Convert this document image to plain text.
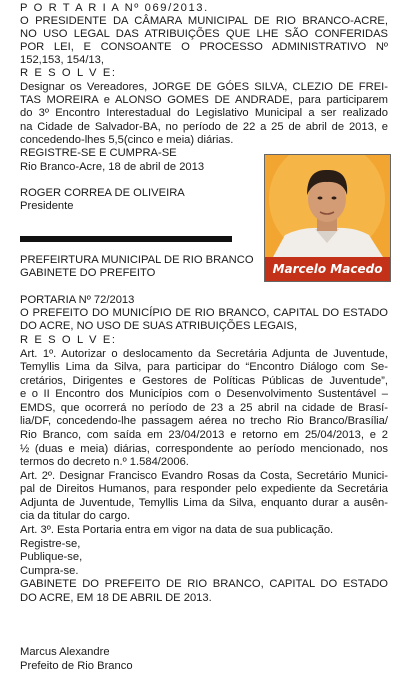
P O R T A R I A Nº 069/2013.
O PRESIDENTE DA CÂMARA MUNICIPAL DE RIO BRANCO-ACRE,
NO USO LEGAL DAS ATRIBUIÇÕES QUE LHE SÃO CONFERIDAS
POR LEI, E CONSOANTE O PROCESSO ADMINISTRATIVO Nº
152,153, 154/13,
R E S O L V E:
Designar os Vereadores, JORGE DE GÓES SILVA, CLEZIO DE FREI-
TAS MOREIRA e ALONSO GOMES DE ANDRADE, para participarem
do 3º Encontro Interestadual do Legislativo Municipal a ser realizado
na Cidade de Salvador-BA, no período de 22 a 25 de abril de 2013, e
concedendo-lhes 5,5(cinco e meia) diárias.
REGISTRE-SE E CUMPRA-SE
Rio Branco-Acre, 18 de abril de 2013
ROGER CORREA DE OLIVEIRA
Presidente
Marcelo Macedo
PREFEIRTURA MUNICIPAL DE RIO BRANCO
GABINETE DO PREFEITO
PORTARIA Nº 72/2013
O PREFEITO DO MUNICÍPIO DE RIO BRANCO, CAPITAL DO ESTADO
DO ACRE, NO USO DE SUAS ATRIBUIÇÕES LEGAIS,
R E S O L V E:
Art. 1º. Autorizar o deslocamento da Secretária Adjunta de Juventude,
Temyllis Lima da Silva, para participar do “Encontro Diálogo com Se-
cretários, Dirigentes e Gestores de Políticas Públicas de Juventude”,
e o II Encontro dos Municípios com o Desenvolvimento Sustentável –
EMDS, que ocorrerá no período de 23 a 25 abril na cidade de Brasí-
lia/DF, concedendo-lhe passagem aérea no trecho Rio Branco/Brasília/
Rio Branco, com saída em 23/04/2013 e retorno em 25/04/2013, e 2
½ (duas e meia) diárias, correspondente ao período mencionado, nos
termos do decreto n.º 1.584/2006.
Art. 2º. Designar Francisco Evandro Rosas da Costa, Secretário Munici-
pal de Direitos Humanos, para responder pelo expediente da Secretária
Adjunta de Juventude, Temyllis Lima da Silva, enquanto durar a ausên-
cia da titular do cargo.
Art. 3º. Esta Portaria entra em vigor na data de sua publicação.
Registre-se,
Publique-se,
Cumpra-se.
GABINETE DO PREFEITO DE RIO BRANCO, CAPITAL DO ESTADO
DO ACRE, EM 18 DE ABRIL DE 2013.
Marcus Alexandre
Prefeito de Rio Branco
